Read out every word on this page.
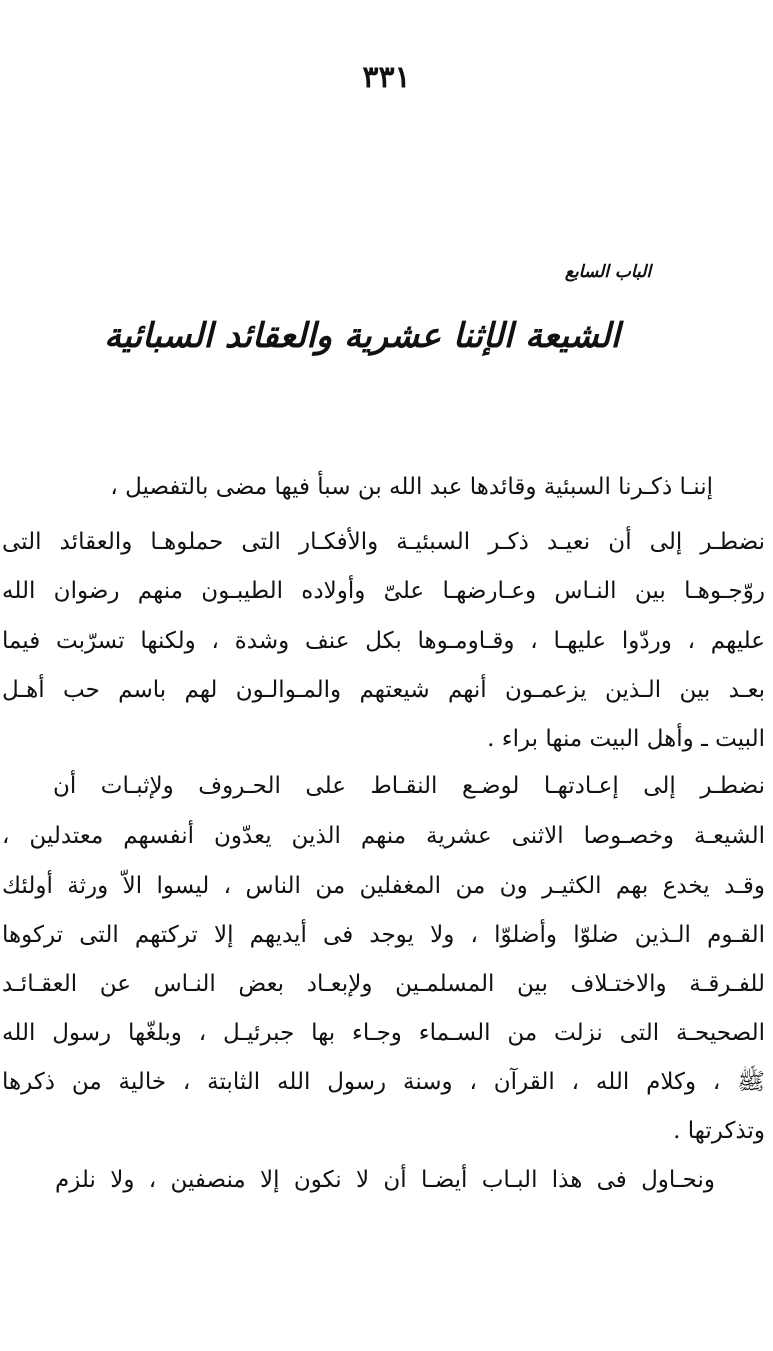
٣٣١
الباب السابع
الشيعة الإثنا عشرية والعقائد السبائية
إننـا ذكـرنا السبئية وقائدها عبد الله بن سبأ فيها مضى بالتفصيل ،
نضطـر إلى أن نعيـد ذكـر السبئيـة والأفكـار التى حملوهـا والعقائد التى
روّجـوهـا بين النـاس وعـارضهـا علىّ وأولاده الطيبـون منهم رضوان الله
عليهم ، وردّوا عليهـا ، وقـاومـوها بكل عنف وشدة ، ولكنها تسرّبت فيما
بعـد بين الـذين يزعمـون أنهم شيعتهم والمـوالـون لهم باسم حب أهـل
البيت ـ وأهل البيت منها براء .
نضطـر إلى إعـادتهـا لوضـع النقـاط على الحـروف ولإثبـات أن
الشيعـة وخصـوصا الاثنى عشرية منهم الذين يعدّون أنفسهم معتدلين ،
وقـد يخدع بهم الكثيـر ون من المغفلين من الناس ، ليسوا الاّ ورثة أولئك
القـوم الـذين ضلوّا وأضلوّا ، ولا يوجد فى أيديهم إلا تركتهم التى تركوها
للفـرقـة والاختـلاف بين المسلمـين ولإبعـاد بعض النـاس عن العقـائـد
الصحيحـة التى نزلت من السـماء وجـاء بها جبرئيـل ، وبلغّها رسول الله
ﷺ ، وكلام الله ، القرآن ، وسنة رسول الله الثابتة ، خالية من ذكرها
وتذكرتها .
ونحـاول فى هذا البـاب أيضـا أن لا نكون إلا منصفين ، ولا نلزم
